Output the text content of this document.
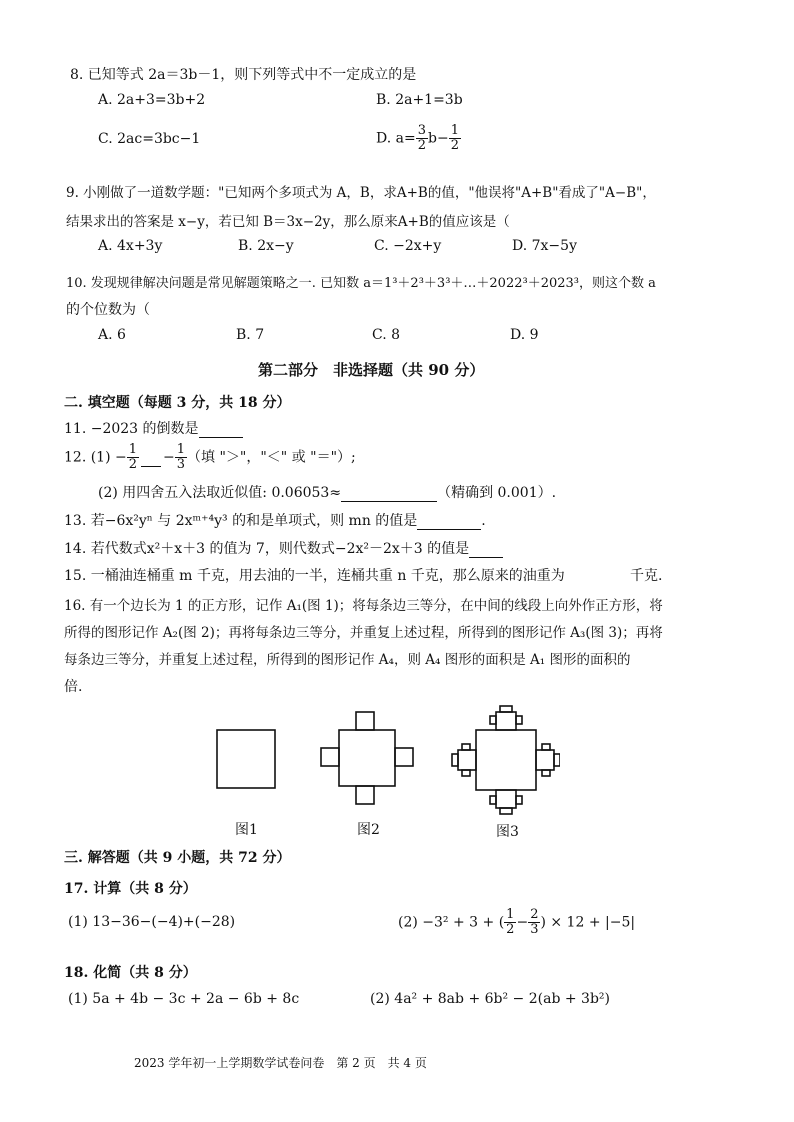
8. 已知等式 2a＝3b－1，则下列等式中不一定成立的是
A. 2a+3=3b+2	B. 2a+1=3b
C. 2ac=3bc−1	D. $a= \frac{3}{2} b- \frac{1}{2}$
9. 小刚做了一道数学题："已知两个多项式为 A，B，求A+B的值，"他误将"A+B"看成了"A−B"，
结果求出的答案是 x−y，若已知 B＝3x−2y，那么原来A+B的值应该是（
A. 4x+3y	B. 2x−y	C. −2x+y	D. 7x−5y
10. 发现规律解决问题是常见解题策略之一. 已知数 a＝1³＋2³＋3³＋…＋2022³＋2023³，则这个数 a
的个位数为（
A. 6	B. 7	C. 8	D. 9
第二部分　非选择题（共 90 分）
二. 填空题（每题 3 分，共 18 分）
11. −2023 的倒数是
12. $(1) - \frac{1}{2} - \frac{1}{3}$ （填 "＞"，"＜" 或 "＝"）;
(2) 用四舍五入法取近似值: 0.06053≈	（精确到 0.001）.
13. 若−6x²yⁿ 与 2xᵐ⁺⁴y³ 的和是单项式，则 mn 的值是	.
14. 若代数式x²＋x＋3 的值为 7，则代数式−2x²－2x＋3 的值是
15. 一桶油连桶重 m 千克，用去油的一半，连桶共重 n 千克，那么原来的油重为	千克.
16. 有一个边长为 1 的正方形，记作 A₁(图 1)；将每条边三等分，在中间的线段上向外作正方形，将
所得的图形记作 A₂(图 2)；再将每条边三等分，并重复上述过程，所得到的图形记作 A₃(图 3)；再将
每条边三等分，并重复上述过程，所得到的图形记作 A₄，则 A₄ 图形的面积是 A₁ 图形的面积的
倍.
图1	图2	图3
三. 解答题（共 9 小题，共 72 分）
17. 计算（共 8 分）
(1) 13−36−(−4)+(−28)	(2) −3² + 3 + ( $\frac{1}{2} - \frac{2}{3}$ ) × 12 + |−5|
18. 化简（共 8 分）
(1) 5a + 4b − 3c + 2a − 6b + 8c	(2) 4a² + 8ab + 6b² − 2(ab + 3b²)
2023 学年初一上学期数学试卷问卷　第 2 页　共 4 页
